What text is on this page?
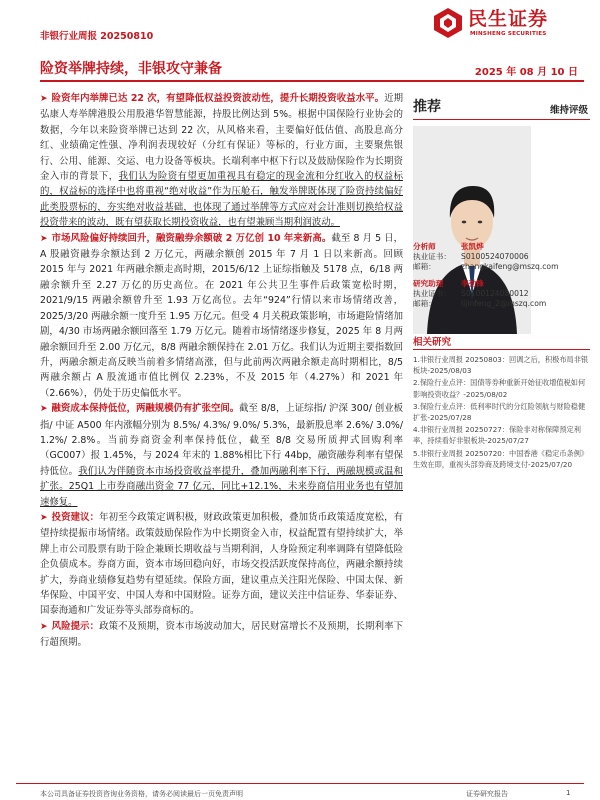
非银行业周报 20250810
民生证券
MINSHENG SECURITIES
险资举牌持续，非银攻守兼备	2025 年 08 月 10 日

➤ 险资年内举牌已达 22 次，有望降低权益投资波动性，提升长期投资收益水平。近期弘康人寿举牌港股公用股港华智慧能源，持股比例达到 5%。根据中国保险行业协会的数据，今年以来险资举牌已达到 22 次，从风格来看，主要偏好低估值、高股息高分红、业绩确定性强、净利润表现较好（分红有保证）等标的，行业方面，主要聚焦银行、公用、能源、交运、电力设备等板块。长端利率中枢下行以及鼓励保险作为长期资金入市的背景下，我们认为险资有望更加重视具有稳定的现金流和分红收入的权益标的，权益标的选择中也将重视“绝对收益”作为压舱石，触发举牌既体现了险资持续偏好此类股票标的，夯实绝对收益基础，也体现了通过举牌等方式应对会计准则切换给权益投资带来的波动，既有望获取长期投资收益，也有望兼顾当期利润波动。

➤ 市场风险偏好持续回升，融资融券余额破 2 万亿创 10 年来新高。截至 8 月 5 日，A 股融资融券余额达到 2 万亿元，两融余额创 2015 年 7 月 1 日以来新高。回顾 2015 年与 2021 年两融余额走高时期，2015/6/12 上证综指触及 5178 点，6/18 两融余额升至 2.27 万亿的历史高位。在 2021 年公共卫生事件后政策宽松时期，2021/9/15 两融余额曾升至 1.93 万亿高位。去年“924”行情以来市场情绪改善，2025/3/20 两融余额一度升至 1.95 万亿元。但受 4 月关税政策影响，市场避险情绪加剧，4/30 市场两融余额回落至 1.79 万亿元。随着市场情绪逐步修复，2025 年 8 月两融余额回升至 2.00 万亿元，8/8 两融余额保持在 2.01 万亿。我们认为近期主要指数回升，两融余额走高反映当前着多情绪高涨，但与此前两次两融余额走高时期相比，8/5 两融余额占 A 股流通市值比例仅 2.23%，不及 2015 年（4.27%）和 2021 年（2.66%），仍处于历史偏低水平。

➤ 融资成本保持低位，两融规模仍有扩张空间。截至 8/8，上证综指/ 沪深 300/ 创业板指/ 中证 A500 年内涨幅分别为 8.5%/ 4.3%/ 9.0%/ 5.3%，最新股息率 2.6%/ 3.0%/ 1.2%/ 2.8%。当前券商资金利率保持低位，截至 8/8 交易所质押式回购利率（GC007）报 1.45%，与 2024 年末的 1.88%相比下行 44bp，融资融券利率有望保持低位。我们认为伴随资本市场投资收益率提升，叠加两融利率下行，两融规模或温和扩张。25Q1 上市券商融出资金 77 亿元，同比+12.1%，未来券商信用业务也有望加速修复。

➤ 投资建议：年初至今政策定调积极，财政政策更加积极，叠加货币政策适度宽松，有望持续提振市场情绪。政策鼓励保险作为中长期资金入市，权益配置有望持续扩大，举牌上市公司股票有助于险企兼顾长期收益与当期利润，人身险预定利率调降有望降低险企负债成本。券商方面，资本市场回稳向好，市场交投活跃度保持高位，两融余额持续扩大，券商业绩修复趋势有望延续。保险方面，建议重点关注阳光保险、中国太保、新华保险、中国平安、中国人寿和中国财险。证券方面，建议关注中信证券、华泰证券、国泰海通和广发证券等头部券商标的。

➤ 风险提示：政策不及预期，资本市场波动加大，居民财富增长不及预期，长期利率下行超预期。

推荐	维持评级
分析师	张凯烨
执业证书： S0100524070006
邮箱：	zhangkaifeng@mszq.com
研究助理 李劲锋
执业证书： S0100124080012
邮箱：	lijinfeng_2@mszq.com
相关研究
1.非银行业周报 20250803：回调之后，积极布局非银板块-2025/08/03
2.保险行业点评：国债等券种重新开始征收增值税如何影响投资收益？-2025/08/02
3.保险行业点评：低利率时代的分红险领航与财险稳健扩张-2025/07/28
4.非银行业周报 20250727：保险非对称保障预定利率，持续看好非银板块-2025/07/27
5.非银行业周报 20250720：中国香港《稳定币条例》生效在即，重视头部券商及跨境支付-2025/07/20
本公司具备证券投资咨询业务资格，请务必阅读最后一页免责声明	证券研究报告	1
